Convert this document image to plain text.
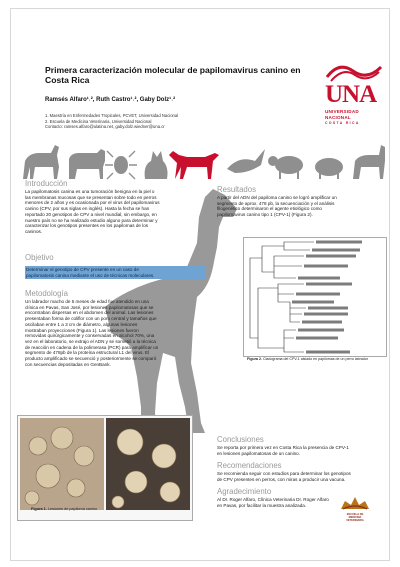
Primera caracterización molecular de papilomavirus canino en Costa Rica
Ramsés Alfaro¹˒², Ruth Castro¹˒², Gaby Dolz¹˒²
1. Maestría en Enfermedades Tropicales, PCVET, Universidad Nacional
2. Escuela de Medicina Veterinaria, Universidad Nacional
Contacto: ramses.alfaro@ulatina.net, gaby.dolz.wiedner@una.cr
UNA
UNIVERSIDAD
NACIONAL
COSTA RICA
Introducción
La papilomatosis canina es una tumoración benigna en la piel o
las membranas mucosas que se presentan sobre todo en perros
menores de 2 años y es ocasionada por el virus del papilomavirus
canino (CPV, por sus siglas en inglés). Hasta la fecha se han
reportado 20 genotipos de CPV a nivel mundial, sin embargo, en
nuestro país no se ha realizado estudio alguno para determinar y
caracterizar los genotipos presentes en los papilomas de los
caninos.
Objetivo
Determinar el genotipo de CPV presente en un caso de
papilomatosis canina mediante el uso de técnicas moleculares.
Metodología
Un labrador macho de 5 meses de edad fue atendido en una
clínica en Pavas, San José, por lesiones papilomatosas que se
encontraban dispersas en el abdomen del animal. Las lesiones
presentaban forma de coliflor con un poro central y tamaños que
oscilaban entre 1 a 3 cm de diámetro, algunas lesiones
mostraban proyecciones (Figura 1). Las lesiones fueron
removidas quirúrgicamente y conservadas en alcohol 70%, una
vez en el laboratorio, se extrajo el ADN y se sometió a la técnica
de reacción en cadena de la polimerasa (PCR) para amplificar un
segmento de 478pb de la proteína estructural L1 del virus. El
producto amplificado se secuenció y posteriormente se comparó
con secuencias depositadas en GenBank.
Resultados
A partir del ADN del papiloma canino se logró amplificar un
segmento de aprox. 478 pb, la secuenciación y el análisis
filogenético determinaron el agente etiológico como
papilomavirus canino tipo 1 (CPV-1) (Figura 2).
Figura 2. Cladograma del CPV-1 aislado en papilomas de un perro labrador
Conclusiones
Se reporta por primera vez en Costa Rica la presencia de CPV-1
en lesiones papilomatosas de un canino.
Recomendaciones
Se recomienda seguir con estudios para determinar los genotipos
de CPV presentes en perros, con miras a producir una vacuna.
Agradecimiento
Al Dr. Roger Alfaro, Clínica Veterinaria Dr. Roger Alfaro
en Pavas, por facilitar la muestra analizada.
ESCUELA DE
MEDICINA
VETERINARIA
Figura 1. Lesiones de papiloma canino
